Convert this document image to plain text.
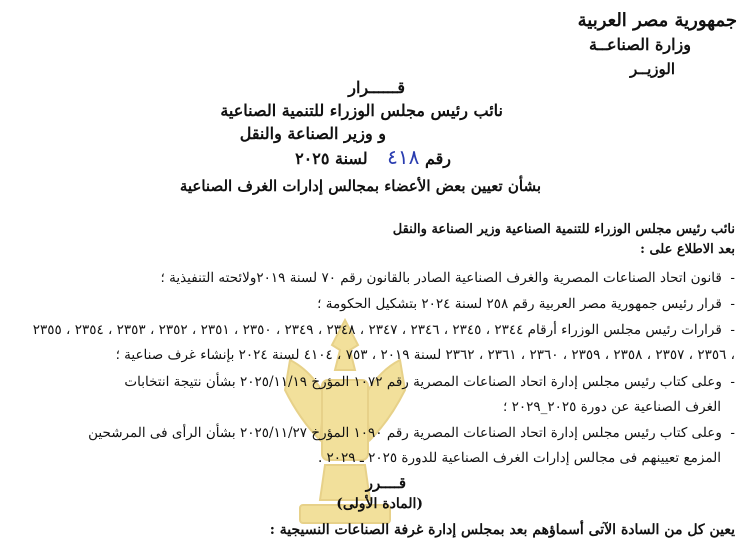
جمهورية مصر العربية
وزارة الصناعــة
الوزيــر
قــــــرار
نائب رئيس مجلس الوزراء للتنمية الصناعية
و وزير الصناعة والنقل
رقم ٤١٨ لسنة ٢٠٢٥
بشأن تعيين بعض الأعضاء بمجالس إدارات الغرف الصناعية
نائب رئيس مجلس الوزراء للتنمية الصناعية وزير الصناعة والنقل
بعد الاطلاع على :
-  قانون اتحاد الصناعات المصرية والغرف الصناعية الصادر بالقانون رقم ٧٠ لسنة ٢٠١٩ولائحته التنفيذية ؛
-  قرار رئيس جمهورية مصر العربية رقم ٢٥٨ لسنة ٢٠٢٤ بتشكيل الحكومة ؛
-  قرارات رئيس مجلس الوزراء أرقام ٢٣٤٤ ، ٢٣٤٥ ، ٢٣٤٦ ، ٢٣٤٧ ، ٢٣٤٨ ، ٢٣٤٩ ، ٢٣٥٠ ، ٢٣٥١ ، ٢٣٥٢ ، ٢٣٥٣ ، ٢٣٥٤ ، ٢٣٥٥
، ٢٣٥٦ ، ٢٣٥٧ ، ٢٣٥٨ ، ٢٣٥٩ ، ٢٣٦٠ ، ٢٣٦١ ، ٢٣٦٢ لسنة ٢٠١٩ ، ٧٥٣ ، ٤١٠٤ لسنة ٢٠٢٤ بإنشاء غرف صناعية ؛
-  وعلى كتاب رئيس مجلس إدارة اتحاد الصناعات المصرية رقم ١٠٧٢ المؤرخ ٢٠٢٥/١١/١٩ بشأن نتيجة انتخابات
الغرف الصناعية عن دورة ٢٠٢٥_٢٠٢٩ ؛
-  وعلى كتاب رئيس مجلس إدارة اتحاد الصناعات المصرية رقم ١٠٩٠ المؤرخ ٢٠٢٥/١١/٢٧ بشأن الرأى فى المرشحين
المزمع تعيينهم فى مجالس إدارات الغرف الصناعية للدورة ٢٠٢٥ ـ ٢٠٢٩ .
قــــرر
(المادة الأولى)
يعين كل من السادة الآتى أسماؤهم بعد بمجلس إدارة غرفة الصناعات النسيجية :
